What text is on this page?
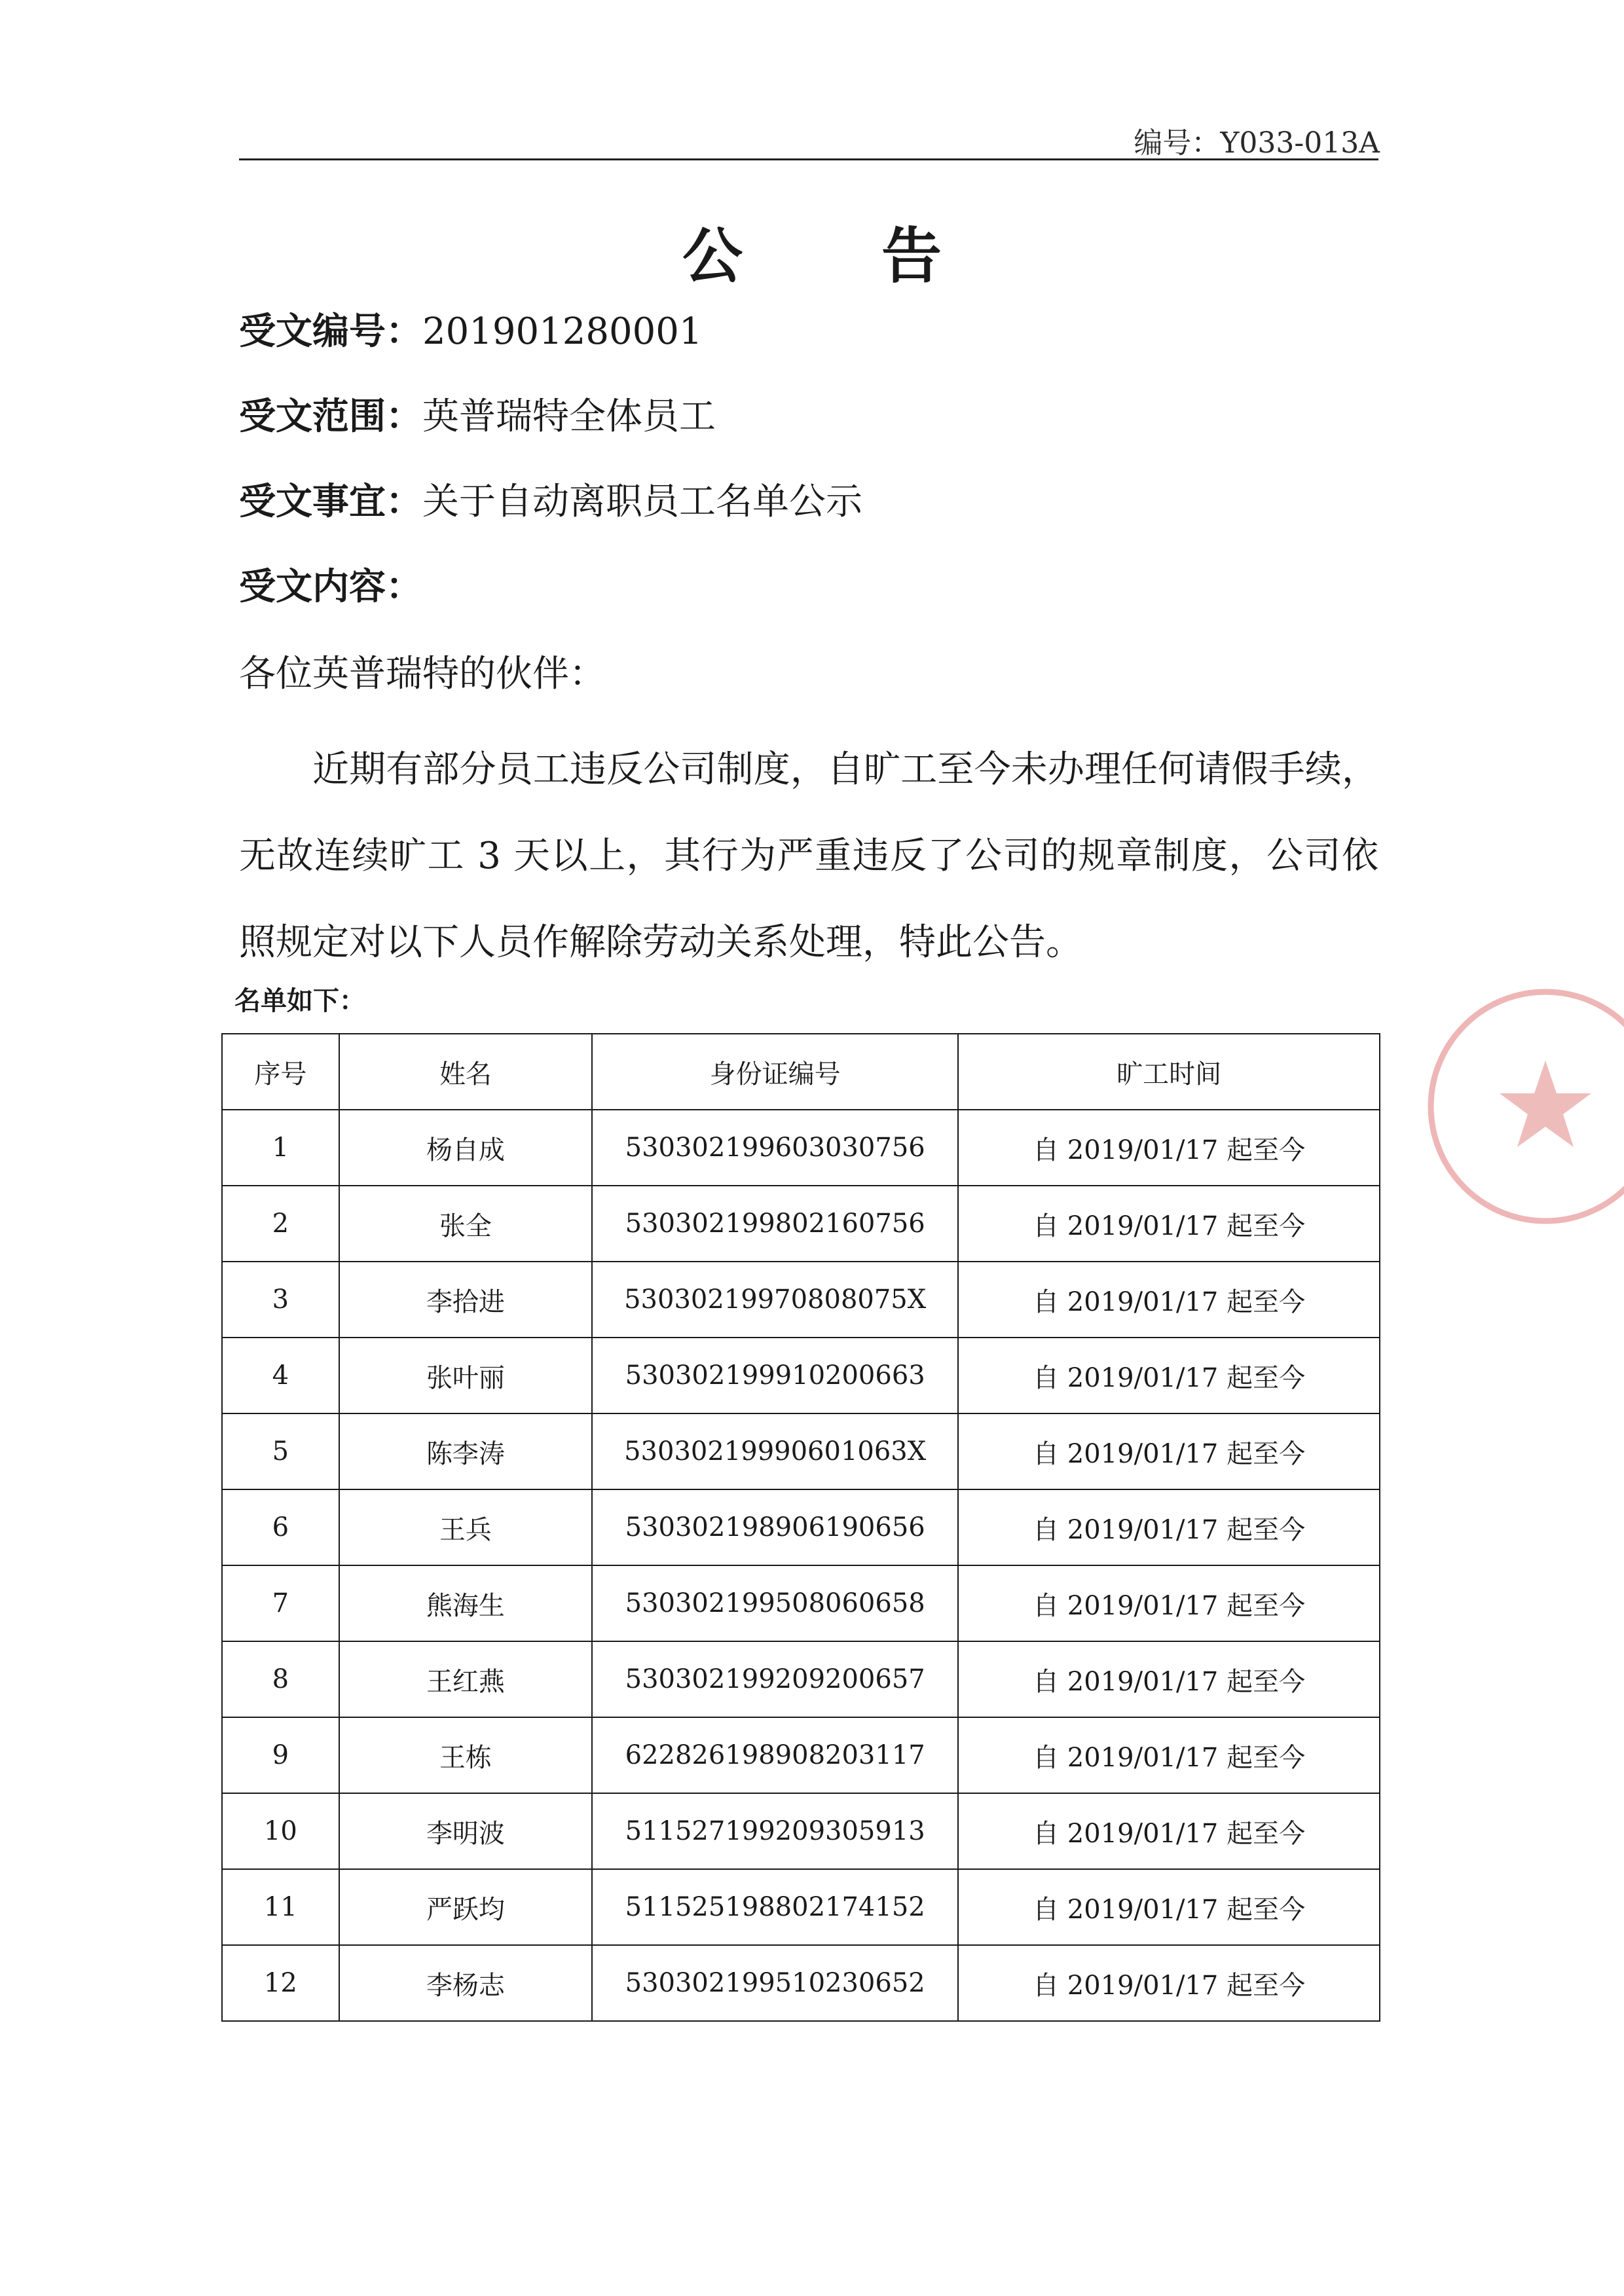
编号：Y033-013A
公 告
受文编号：201901280001
受文范围：英普瑞特全体员工
受文事宜：关于自动离职员工名单公示
受文内容：
各位英普瑞特的伙伴：

近期有部分员工违反公司制度，自旷工至今未办理任何请假手续，无故连续旷工 3 天以上，其行为严重违反了公司的规章制度，公司依照规定对以下人员作解除劳动关系处理，特此公告。

名单如下：
序号	姓名	身份证编号	旷工时间
1	杨自成	530302199603030756	自 2019/01/17 起至今
2	张全	530302199802160756	自 2019/01/17 起至今
3	李拾进	53030219970808075X	自 2019/01/17 起至今
4	张叶丽	530302199910200663	自 2019/01/17 起至今
5	陈李涛	53030219990601063X	自 2019/01/17 起至今
6	王兵	530302198906190656	自 2019/01/17 起至今
7	熊海生	530302199508060658	自 2019/01/17 起至今
8	王红燕	530302199209200657	自 2019/01/17 起至今
9	王栋	622826198908203117	自 2019/01/17 起至今
10	李明波	511527199209305913	自 2019/01/17 起至今
11	严跃均	511525198802174152	自 2019/01/17 起至今
12	李杨志	530302199510230652	自 2019/01/17 起至今
